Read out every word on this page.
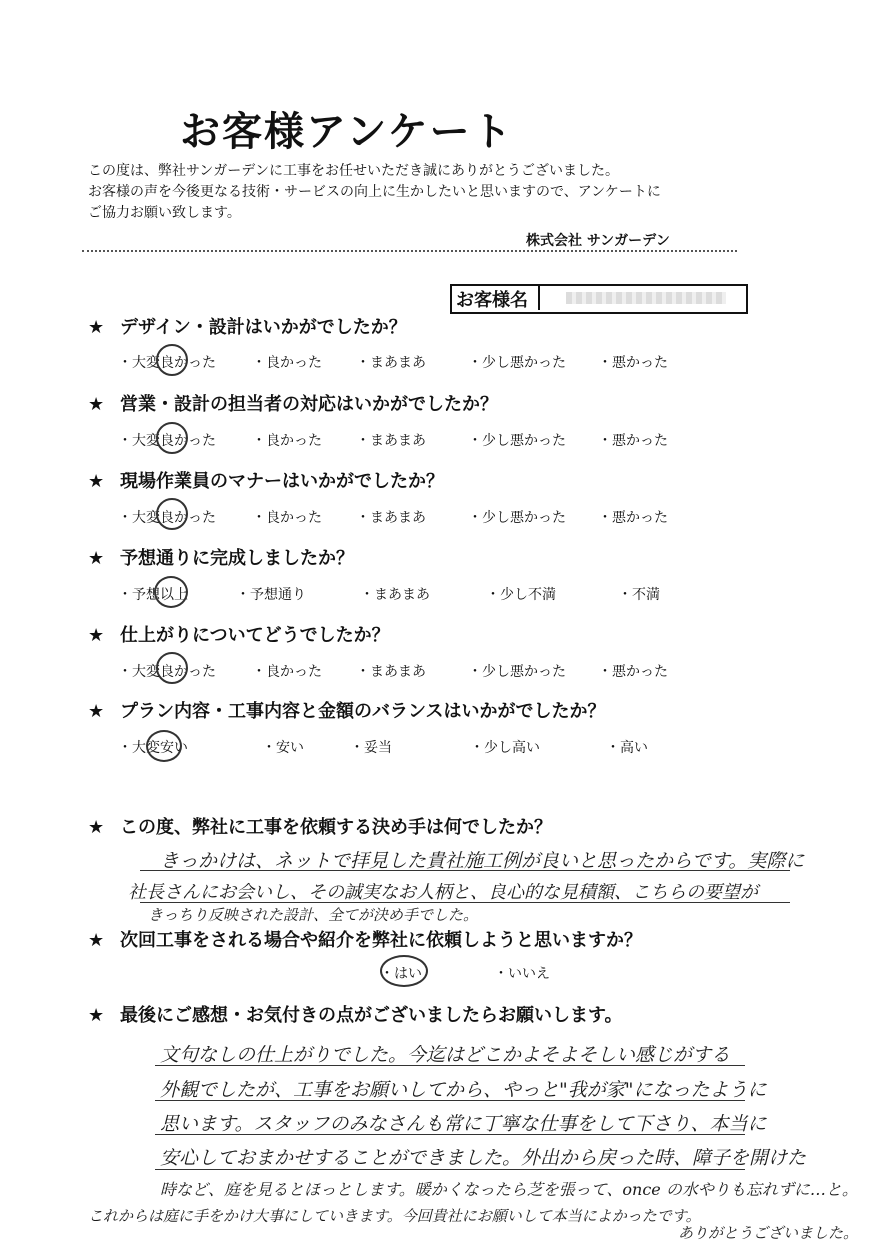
お客様アンケート
この度は、弊社サンガーデンに工事をお任せいただき誠にありがとうございました。
お客様の声を今後更なる技術・サービスの向上に生かしたいと思いますので、アンケートに
ご協力お願い致します。
株式会社 サンガーデン
お客様名
★ デザイン・設計はいかがでしたか？
・大変良かった	・良かった ・まあまあ	・少し悪かった ・悪かった
★ 営業・設計の担当者の対応はいかがでしたか？
・大変良かった	・良かった ・まあまあ	・少し悪かった ・悪かった
★ 現場作業員のマナーはいかがでしたか？
・大変良かった	・良かった ・まあまあ	・少し悪かった ・悪かった
★ 予想通りに完成しましたか？
・予想以上	・予想通り	・まあまあ	・少し不満	・不満
★ 仕上がりについてどうでしたか？
・大変良かった	・良かった ・まあまあ	・少し悪かった ・悪かった
★ プラン内容・工事内容と金額のバランスはいかがでしたか？
・大変安い	・安い	・妥当	・少し高い	・高い
★ この度、弊社に工事を依頼する決め手は何でしたか？
きっかけは、ネットで拝見した貴社施工例が良いと思ったからです。実際に
社長さんにお会いし、その誠実なお人柄と、良心的な見積額、こちらの要望が
きっちり反映された設計、全てが決め手でした。
★ 次回工事をされる場合や紹介を弊社に依頼しようと思いますか？
・はい	・いいえ
★ 最後にご感想・お気付きの点がございましたらお願いします。
文句なしの仕上がりでした。今迄はどこかよそよそしい感じがする
外観でしたが、工事をお願いしてから、やっと"我が家"になったように
思います。スタッフのみなさんも常に丁寧な仕事をして下さり、本当に
安心しておまかせすることができました。外出から戻った時、障子を開けた
時など、庭を見るとほっとします。暖かくなったら芝を張って、once の水やりも忘れずに…と。
これからは庭に手をかけ大事にしていきます。今回貴社にお願いして本当によかったです。
ありがとうございました。
